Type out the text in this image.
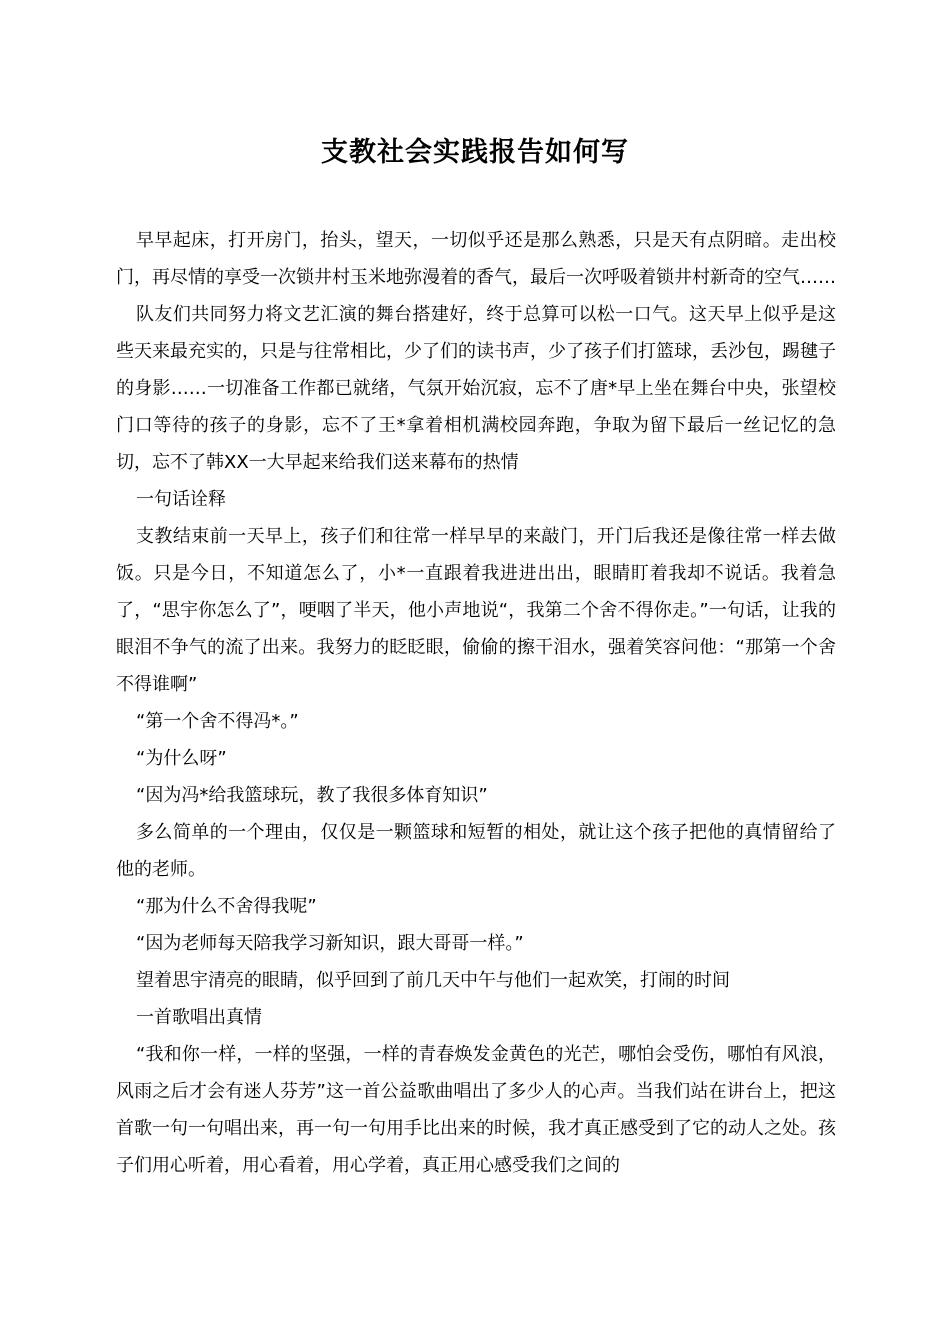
支教社会实践报告如何写

早早起床，打开房门，抬头，望天，一切似乎还是那么熟悉，只是天有点阴暗。走出校门，再尽情的享受一次锁井村玉米地弥漫着的香气，最后一次呼吸着锁井村新奇的空气……

队友们共同努力将文艺汇演的舞台搭建好，终于总算可以松一口气。这天早上似乎是这些天来最充实的，只是与往常相比，少了们的读书声，少了孩子们打篮球，丢沙包，踢毽子的身影……一切准备工作都已就绪，气氛开始沉寂，忘不了唐*早上坐在舞台中央，张望校门口等待的孩子的身影，忘不了王*拿着相机满校园奔跑，争取为留下最后一丝记忆的急切，忘不了韩XX一大早起来给我们送来幕布的热情

一句话诠释

支教结束前一天早上，孩子们和往常一样早早的来敲门，开门后我还是像往常一样去做饭。只是今日，不知道怎么了，小*一直跟着我进进出出，眼睛盯着我却不说话。我着急了，“思宇你怎么了”，哽咽了半天，他小声地说“，我第二个舍不得你走。”一句话，让我的眼泪不争气的流了出来。我努力的眨眨眼，偷偷的擦干泪水，强着笑容问他：“那第一个舍不得谁啊”

“第一个舍不得冯*。”

“为什么呀”

“因为冯*给我篮球玩，教了我很多体育知识”

多么简单的一个理由，仅仅是一颗篮球和短暂的相处，就让这个孩子把他的真情留给了他的老师。

“那为什么不舍得我呢”

“因为老师每天陪我学习新知识，跟大哥哥一样。”

望着思宇清亮的眼睛，似乎回到了前几天中午与他们一起欢笑，打闹的时间

一首歌唱出真情

“我和你一样，一样的坚强，一样的青春焕发金黄色的光芒，哪怕会受伤，哪怕有风浪，风雨之后才会有迷人芬芳”这一首公益歌曲唱出了多少人的心声。当我们站在讲台上，把这首歌一句一句唱出来，再一句一句用手比出来的时候，我才真正感受到了它的动人之处。孩子们用心听着，用心看着，用心学着，真正用心感受我们之间的
